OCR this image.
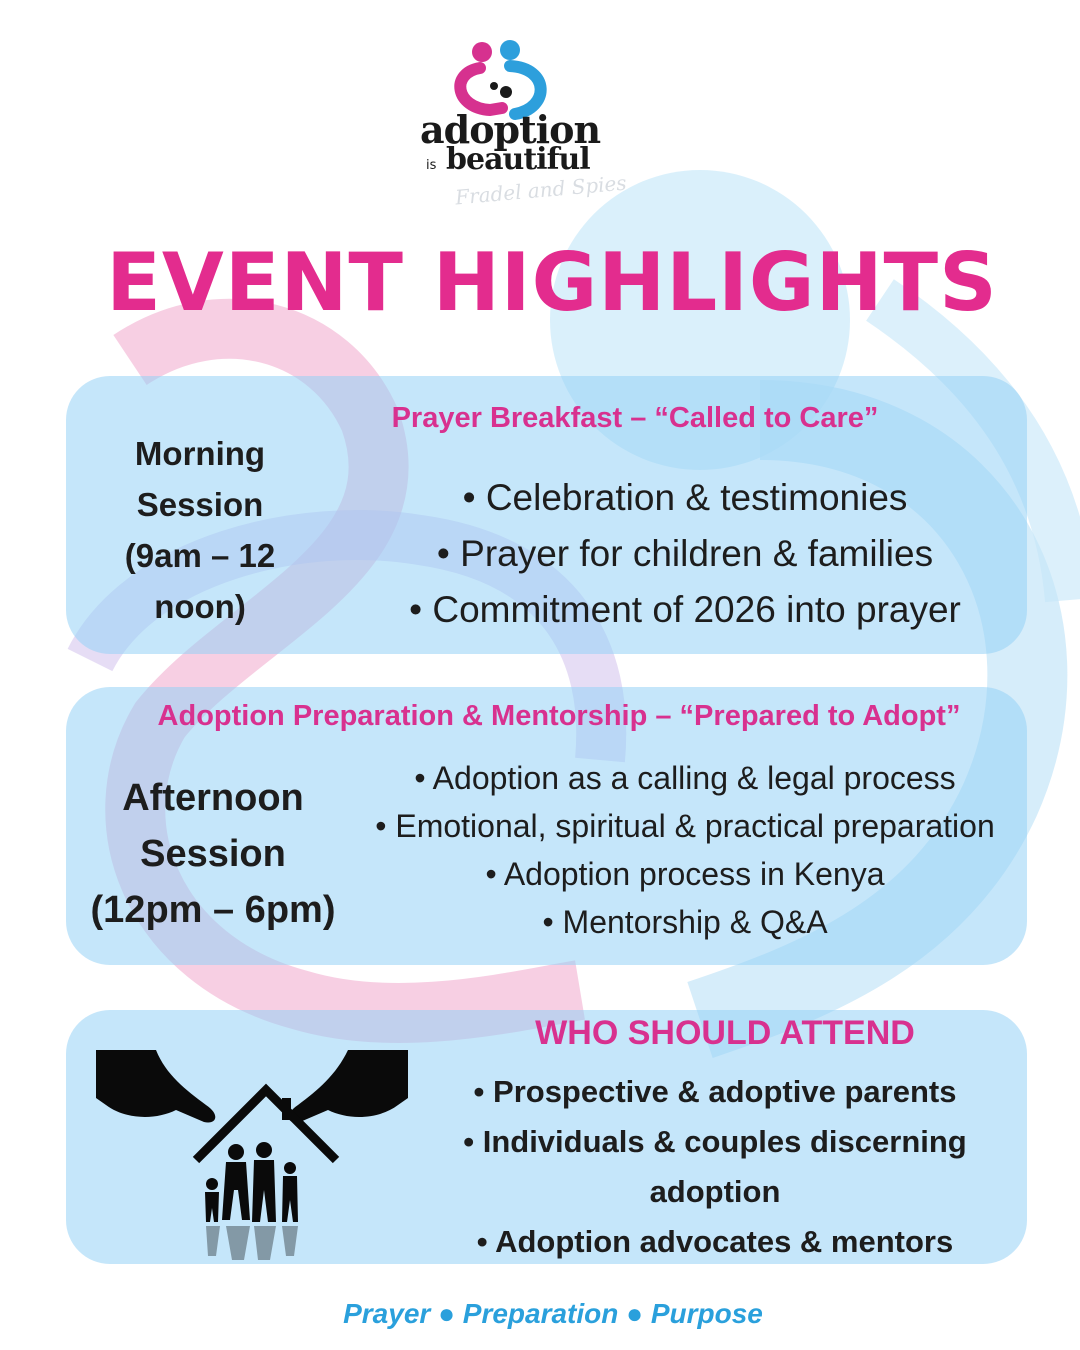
adoption
is beautiful
Fradel and Spies
EVENT HIGHLIGHTS
Morning Session (9am – 12 noon)
Prayer Breakfast – “Called to Care”
• Celebration & testimonies
• Prayer for children & families
• Commitment of 2026 into prayer
Adoption Preparation & Mentorship – “Prepared to Adopt”
Afternoon Session (12pm – 6pm)
• Adoption as a calling & legal process
• Emotional, spiritual & practical preparation
• Adoption process in Kenya
• Mentorship & Q&A
WHO SHOULD ATTEND
• Prospective & adoptive parents
• Individuals & couples discerning adoption
• Adoption advocates & mentors
Prayer ● Preparation ● Purpose
